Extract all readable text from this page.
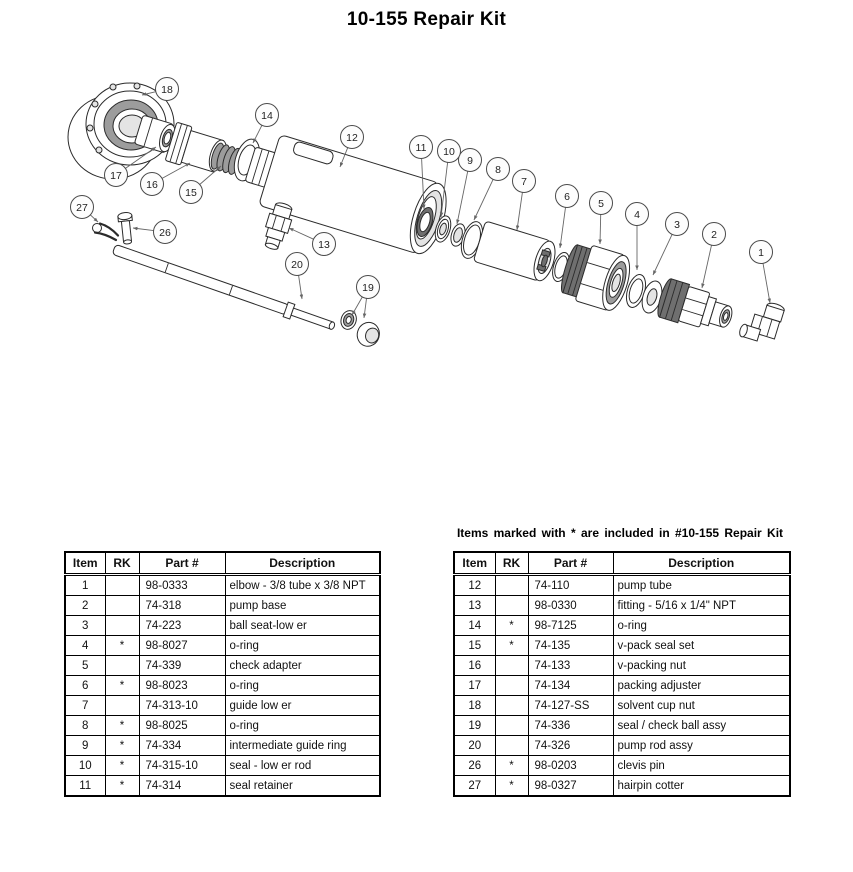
10-155 Repair Kit
1
2
3
4
5
6
7
8
9
10
11
12
13
14
15
16
17
18
19
20
26
27
Items marked with * are included in #10-155 Repair Kit
Item	RK	Part #	Description
1		98-0333	elbow - 3/8 tube x 3/8 NPT
2		74-318	pump base
3		74-223	ball seat-low er
4	*	98-8027	o-ring
5		74-339	check adapter
6	*	98-8023	o-ring
7		74-313-10	guide low er
8	*	98-8025	o-ring
9	*	74-334	intermediate guide ring
10	*	74-315-10	seal - low er rod
11	*	74-314	seal retainer
Item	RK	Part #	Description
12		74-110	pump tube
13		98-0330	fitting - 5/16 x 1/4" NPT
14	*	98-7125	o-ring
15	*	74-135	v-pack seal set
16		74-133	v-packing nut
17		74-134	packing adjuster
18		74-127-SS	solvent cup nut
19		74-336	seal / check ball assy
20		74-326	pump rod assy
26	*	98-0203	clevis pin
27	*	98-0327	hairpin cotter
